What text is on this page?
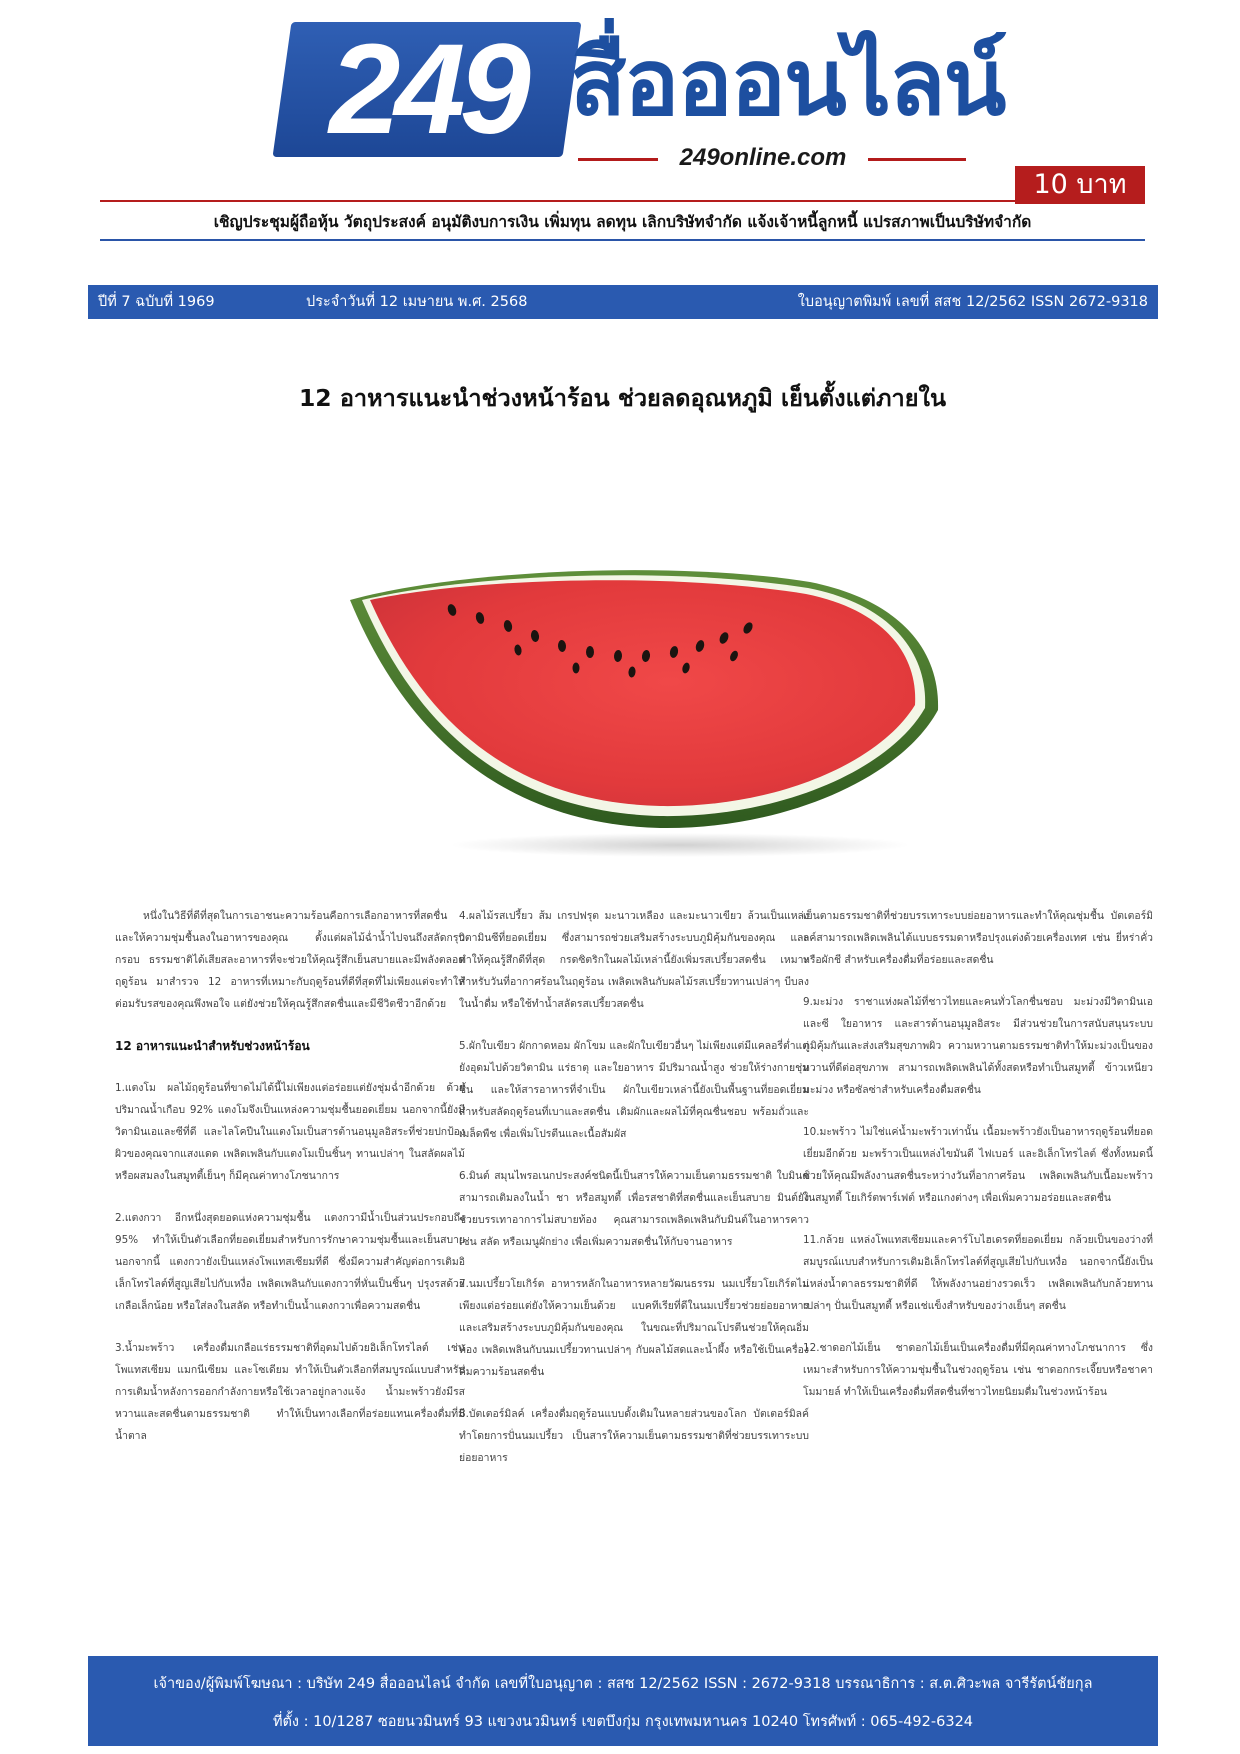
249 สื่อออนไลน์
249online.com
10 บาท
เชิญประชุมผู้ถือหุ้น วัตถุประสงค์ อนุมัติงบการเงิน เพิ่มทุน ลดทุน เลิกบริษัทจำกัด แจ้งเจ้าหนี้ลูกหนี้ แปรสภาพเป็นบริษัทจำกัด
ปีที่ 7 ฉบับที่ 1969	ประจำวันที่ 12 เมษายน พ.ศ. 2568	ใบอนุญาตพิมพ์ เลขที่ สสช 12/2562 ISSN 2672-9318
12 อาหารแนะนำช่วงหน้าร้อน ช่วยลดอุณหภูมิ เย็นตั้งแต่ภายใน

หนึ่งในวิธีที่ดีที่สุดในการเอาชนะความร้อนคือการเลือกอาหารที่สดชื่นและให้ความชุ่มชื้นลงในอาหารของคุณ ตั้งแต่ผลไม้ฉ่ำน้ำไปจนถึงสลัดกรุบกรอบ ธรรมชาติได้เสียสละอาหารที่จะช่วยให้คุณรู้สึกเย็นสบายและมีพลังตลอดฤดูร้อน มาสำรวจ 12 อาหารที่เหมาะกับฤดูร้อนที่ดีที่สุดที่ไม่เพียงแต่จะทำให้ต่อมรับรสของคุณพึงพอใจ แต่ยังช่วยให้คุณรู้สึกสดชื่นและมีชีวิตชีวาอีกด้วย

12 อาหารแนะนำสำหรับช่วงหน้าร้อน

1.แตงโม ผลไม้ฤดูร้อนที่ขาดไม่ได้นี้ไม่เพียงแต่อร่อยแต่ยังชุ่มฉ่ำอีกด้วย ด้วยปริมาณน้ำเกือบ 92% แตงโมจึงเป็นแหล่งความชุ่มชื้นยอดเยี่ยม นอกจากนี้ยังมีวิตามินเอและซีที่ดี และไลโคปีนในแตงโมเป็นสารต้านอนุมูลอิสระที่ช่วยปกป้องผิวของคุณจากแสงแดด เพลิดเพลินกับแตงโมเป็นชิ้นๆ ทานเปล่าๆ ในสลัดผลไม้ หรือผสมลงในสมูทตี้เย็นๆ ก็มีคุณค่าทางโภชนาการ

2.แตงกวา อีกหนึ่งสุดยอดแห่งความชุ่มชื้น แตงกวามีน้ำเป็นส่วนประกอบถึง 95% ทำให้เป็นตัวเลือกที่ยอดเยี่ยมสำหรับการรักษาความชุ่มชื้นและเย็นสบาย นอกจากนี้ แตงกวายังเป็นแหล่งโพแทสเซียมที่ดี ซึ่งมีความสำคัญต่อการเติมอิเล็กโทรไลต์ที่สูญเสียไปกับเหงื่อ เพลิดเพลินกับแตงกวาที่หั่นเป็นชิ้นๆ ปรุงรสด้วยเกลือเล็กน้อย หรือใส่ลงในสลัด หรือทำเป็นน้ำแตงกวาเพื่อความสดชื่น

3.น้ำมะพร้าว เครื่องดื่มเกลือแร่ธรรมชาติที่อุดมไปด้วยอิเล็กโทรไลต์ เช่น โพแทสเซียม แมกนีเซียม และโซเดียม ทำให้เป็นตัวเลือกที่สมบูรณ์แบบสำหรับการเติมน้ำหลังการออกกำลังกายหรือใช้เวลาอยู่กลางแจ้ง น้ำมะพร้าวยังมีรสหวานและสดชื่นตามธรรมชาติ ทำให้เป็นทางเลือกที่อร่อยแทนเครื่องดื่มที่มีน้ำตาล

4.ผลไม้รสเปรี้ยว ส้ม เกรปฟรุต มะนาวเหลือง และมะนาวเขียว ล้วนเป็นแหล่งวิตามินซีที่ยอดเยี่ยม ซึ่งสามารถช่วยเสริมสร้างระบบภูมิคุ้มกันของคุณ และทำให้คุณรู้สึกดีที่สุด กรดซิตริกในผลไม้เหล่านี้ยังเพิ่มรสเปรี้ยวสดชื่น เหมาะสำหรับวันที่อากาศร้อนในฤดูร้อน เพลิดเพลินกับผลไม้รสเปรี้ยวทานเปล่าๆ บีบลงในน้ำดื่ม หรือใช้ทำน้ำสลัดรสเปรี้ยวสดชื่น

5.ผักใบเขียว ผักกาดหอม ผักโขม และผักใบเขียวอื่นๆ ไม่เพียงแต่มีแคลอรี่ต่ำแต่ยังอุดมไปด้วยวิตามิน แร่ธาตุ และใยอาหาร มีปริมาณน้ำสูง ช่วยให้ร่างกายชุ่มชื้น และให้สารอาหารที่จำเป็น ผักใบเขียวเหล่านี้ยังเป็นพื้นฐานที่ยอดเยี่ยมสำหรับสลัดฤดูร้อนที่เบาและสดชื่น เติมผักและผลไม้ที่คุณชื่นชอบ พร้อมถั่วและเมล็ดพืช เพื่อเพิ่มโปรตีนและเนื้อสัมผัส

6.มินต์ สมุนไพรอเนกประสงค์ชนิดนี้เป็นสารให้ความเย็นตามธรรมชาติ ใบมินต์สามารถเติมลงในน้ำ ชา หรือสมูทตี้ เพื่อรสชาติที่สดชื่นและเย็นสบาย มินต์ยังช่วยบรรเทาอาการไม่สบายท้อง คุณสามารถเพลิดเพลินกับมินต์ในอาหารคาว เช่น สลัด หรือเมนูผักย่าง เพื่อเพิ่มความสดชื่นให้กับจานอาหาร

7.นมเปรี้ยวโยเกิร์ต อาหารหลักในอาหารหลายวัฒนธรรม นมเปรี้ยวโยเกิร์ตไม่เพียงแต่อร่อยแต่ยังให้ความเย็นด้วย แบคทีเรียที่ดีในนมเปรี้ยวช่วยย่อยอาหารและเสริมสร้างระบบภูมิคุ้มกันของคุณ ในขณะที่ปริมาณโปรตีนช่วยให้คุณอิ่มท้อง เพลิดเพลินกับนมเปรี้ยวทานเปล่าๆ กับผลไม้สดและน้ำผึ้ง หรือใช้เป็นเครื่องดื่มความร้อนสดชื่น

8.บัตเตอร์มิลค์ เครื่องดื่มฤดูร้อนแบบดั้งเดิมในหลายส่วนของโลก บัตเตอร์มิลค์ทำโดยการปั่นนมเปรี้ยว เป็นสารให้ความเย็นตามธรรมชาติที่ช่วยบรรเทาระบบย่อยอาหาร

เย็นตามธรรมชาติที่ช่วยบรรเทาระบบย่อยอาหารและทำให้คุณชุ่มชื้น บัตเตอร์มิลค์สามารถเพลิดเพลินได้แบบธรรมดาหรือปรุงแต่งด้วยเครื่องเทศ เช่น ยี่หร่าคั่วหรือผักชี สำหรับเครื่องดื่มที่อร่อยและสดชื่น

9.มะม่วง ราชาแห่งผลไม้ที่ชาวไทยและคนทั่วโลกชื่นชอบ มะม่วงมีวิตามินเอและซี ใยอาหาร และสารต้านอนุมูลอิสระ มีส่วนช่วยในการสนับสนุนระบบภูมิคุ้มกันและส่งเสริมสุขภาพผิว ความหวานตามธรรมชาติทำให้มะม่วงเป็นของหวานที่ดีต่อสุขภาพ สามารถเพลิดเพลินได้ทั้งสดหรือทำเป็นสมูทตี้ ข้าวเหนียวมะม่วง หรือซัลซ่าสำหรับเครื่องดื่มสดชื่น

10.มะพร้าว ไม่ใช่แค่น้ำมะพร้าวเท่านั้น เนื้อมะพร้าวยังเป็นอาหารฤดูร้อนที่ยอดเยี่ยมอีกด้วย มะพร้าวเป็นแหล่งไขมันดี ไฟเบอร์ และอิเล็กโทรไลต์ ซึ่งทั้งหมดนี้ช่วยให้คุณมีพลังงานสดชื่นระหว่างวันที่อากาศร้อน เพลิดเพลินกับเนื้อมะพร้าวในสมูทตี้ โยเกิร์ตพาร์เฟต์ หรือแกงต่างๆ เพื่อเพิ่มความอร่อยและสดชื่น

11.กล้วย แหล่งโพแทสเซียมและคาร์โบไฮเดรตที่ยอดเยี่ยม กล้วยเป็นของว่างที่สมบูรณ์แบบสำหรับการเติมอิเล็กโทรไลต์ที่สูญเสียไปกับเหงื่อ นอกจากนี้ยังเป็นแหล่งน้ำตาลธรรมชาติที่ดี ให้พลังงานอย่างรวดเร็ว เพลิดเพลินกับกล้วยทานเปล่าๆ ปั่นเป็นสมูทตี้ หรือแช่แข็งสำหรับของว่างเย็นๆ สดชื่น

12.ชาดอกไม้เย็น ชาดอกไม้เย็นเป็นเครื่องดื่มที่มีคุณค่าทางโภชนาการ ซึ่งเหมาะสำหรับการให้ความชุ่มชื้นในช่วงฤดูร้อน เช่น ชาดอกกระเจี๊ยบหรือชาคาโมมายล์ ทำให้เป็นเครื่องดื่มที่สดชื่นที่ชาวไทยนิยมดื่มในช่วงหน้าร้อน

เจ้าของ/ผู้พิมพ์โฆษณา : บริษัท 249 สื่อออนไลน์ จำกัด เลขที่ใบอนุญาต : สสช 12/2562 ISSN : 2672-9318 บรรณาธิการ : ส.ต.ศิวะพล จารีรัตน์ชัยกุล
ที่ตั้ง : 10/1287 ซอยนวมินทร์ 93 แขวงนวมินทร์ เขตบึงกุ่ม กรุงเทพมหานคร 10240 โทรศัพท์ : 065-492-6324
